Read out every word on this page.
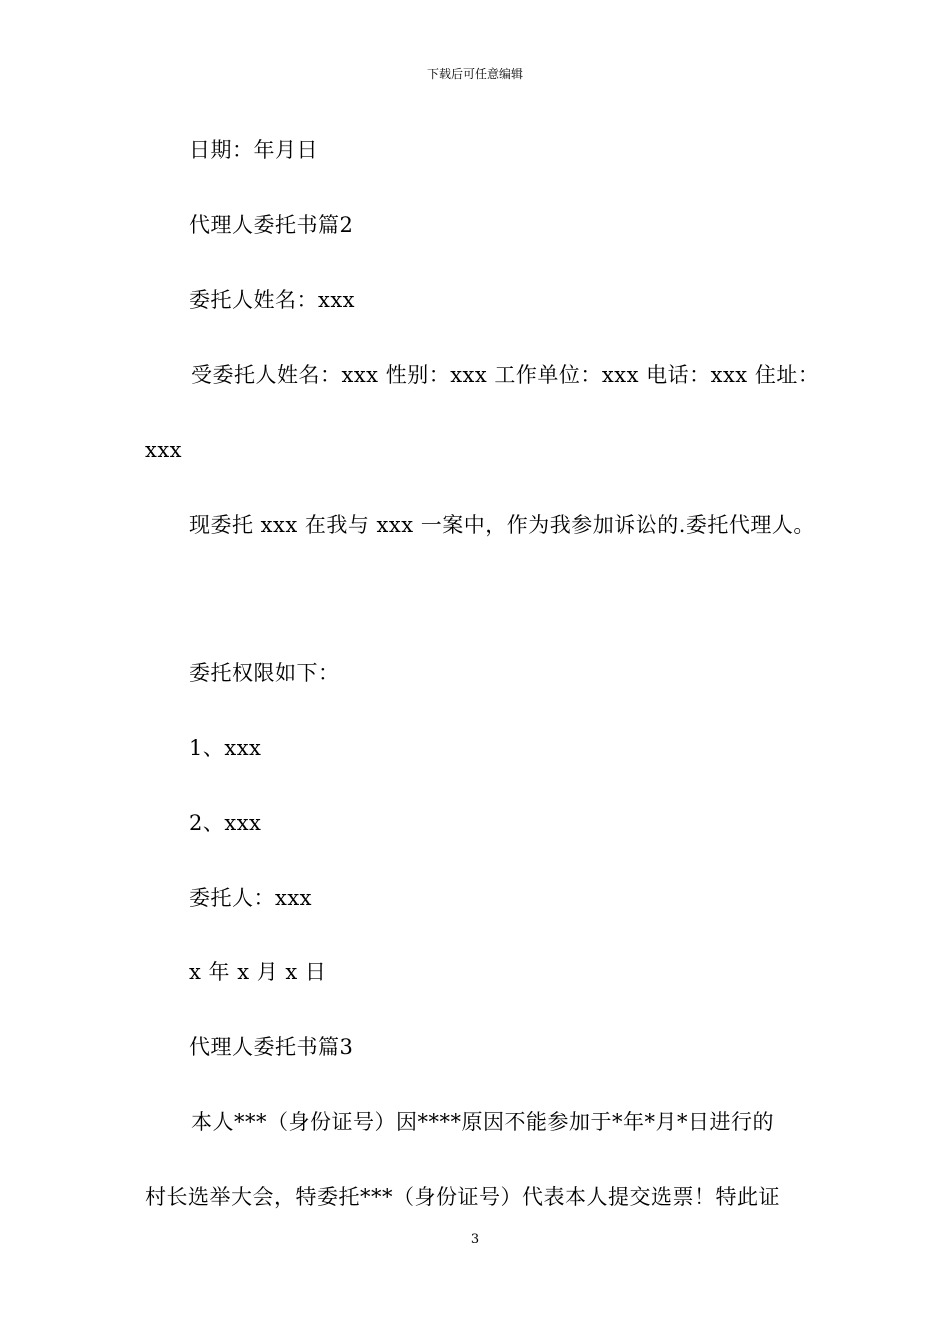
下载后可任意编辑
日期：年月日
代理人委托书篇2
委托人姓名：xxx
受委托人姓名：xxx 性别：xxx 工作单位：xxx 电话：xxx 住址：
xxx
现委托 xxx 在我与 xxx 一案中，作为我参加诉讼的.委托代理人。
委托权限如下：
1、xxx
2、xxx
委托人：xxx
x 年 x 月 x 日
代理人委托书篇3
本人***（身份证号）因****原因不能参加于*年*月*日进行的
村长选举大会，特委托***（身份证号）代表本人提交选票！特此证
3
